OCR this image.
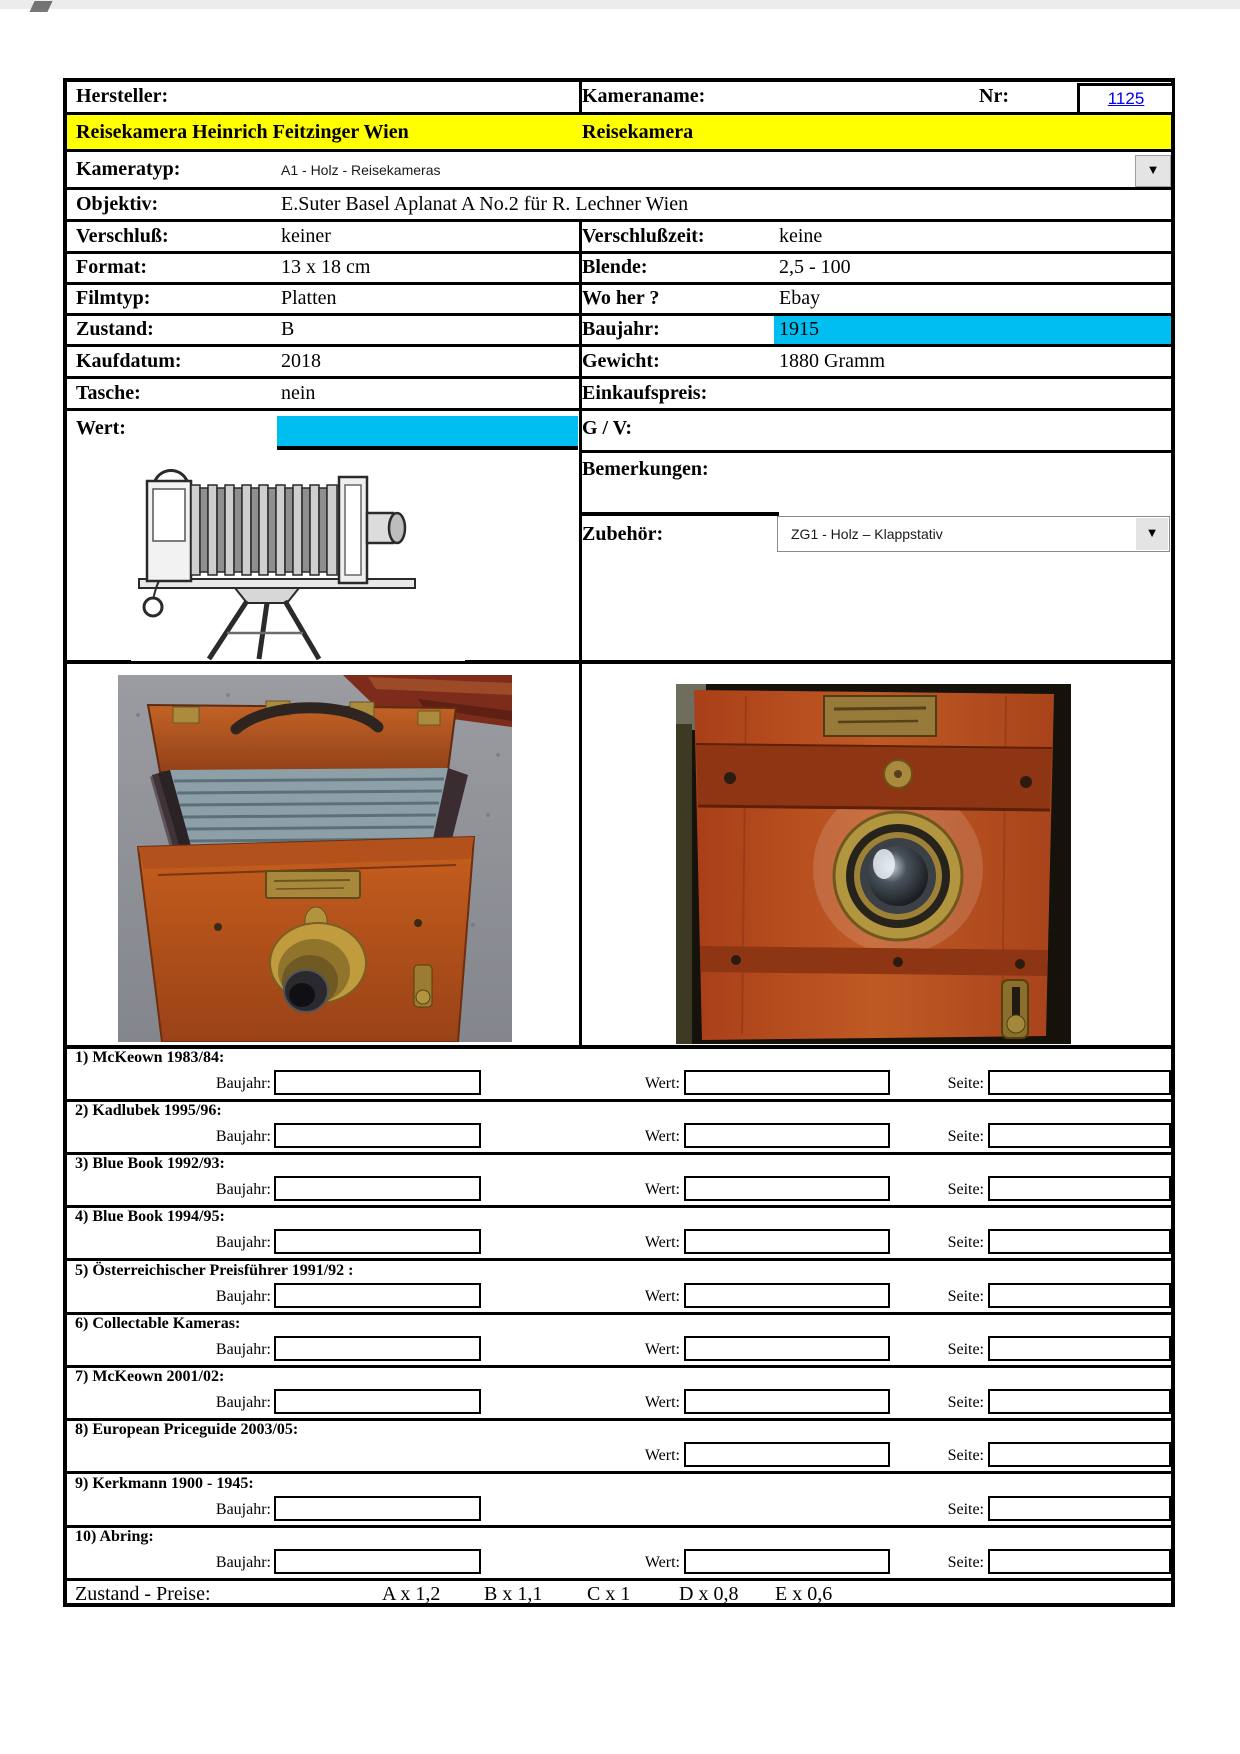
Hersteller:	Kameraname:	Nr:	1125
Reisekamera Heinrich Feitzinger Wien	Reisekamera
Kameratyp:	A1 - Holz - Reisekameras	▼
Objektiv:	E.Suter Basel Aplanat A No.2 für R. Lechner Wien
Verschluß:	keiner	Verschlußzeit:	keine
Format:	13 x 18 cm	Blende:	2,5 - 100
Filmtyp:	Platten	Wo her ?	Ebay
Zustand:	B	Baujahr:	1915
Kaufdatum:	2018	Gewicht:	1880 Gramm
Tasche:	nein	Einkaufspreis:
Wert:	G / V:
Bemerkungen:
Zubehör:	ZG1 - Holz – Klappstativ	▼
1) McKeown 1983/84:
Baujahr:	Wert:	Seite:
2) Kadlubek 1995/96:
Baujahr:	Wert:	Seite:
3) Blue Book 1992/93:
Baujahr:	Wert:	Seite:
4) Blue Book 1994/95:
Baujahr:	Wert:	Seite:
5) Österreichischer Preisführer 1991/92 :
Baujahr:	Wert:	Seite:
6) Collectable Kameras:
Baujahr:	Wert:	Seite:
7) McKeown 2001/02:
Baujahr:	Wert:	Seite:
8) European Priceguide 2003/05:
Wert:	Seite:
9) Kerkmann 1900 - 1945:
Baujahr:	Seite:
10) Abring:
Baujahr:	Wert:	Seite:
Zustand - Preise:	A x 1,2 B x 1,1 C x 1 D x 0,8 E x 0,6
